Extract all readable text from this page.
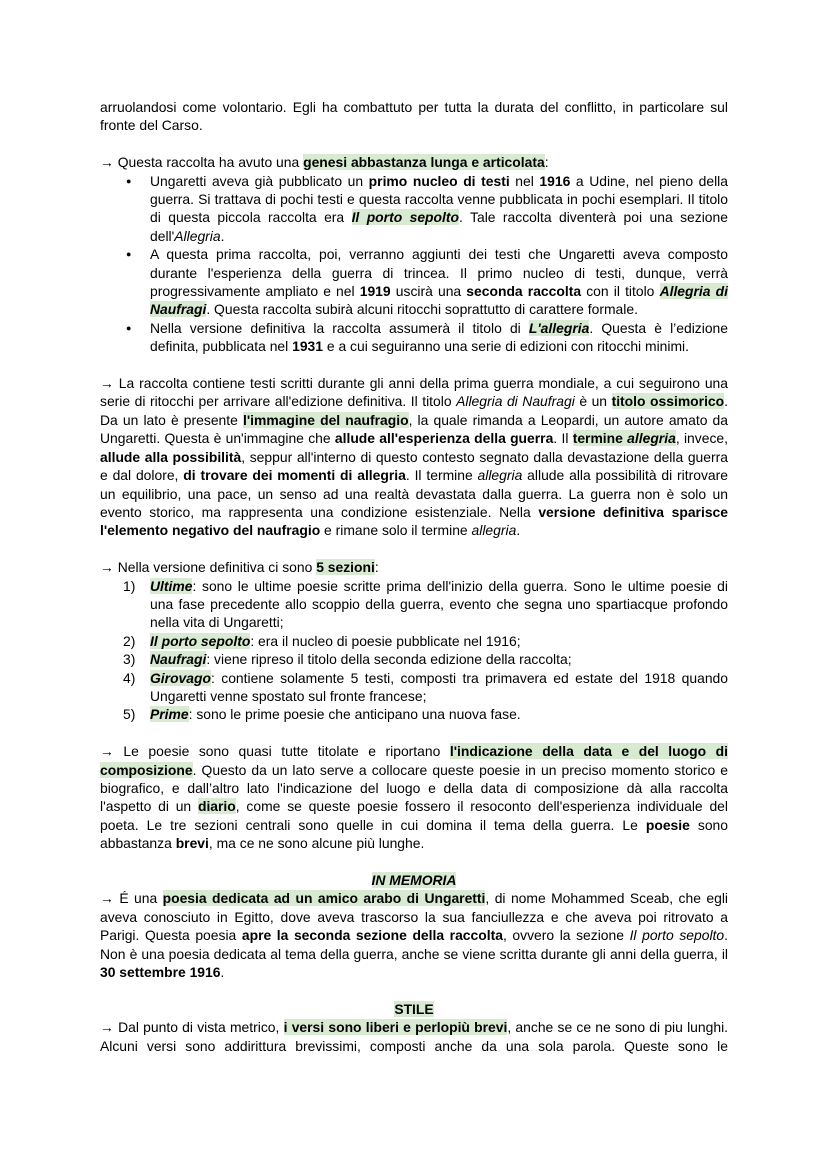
arruolandosi come volontario. Egli ha combattuto per tutta la durata del conflitto, in particolare sul fronte del Carso.
→ Questa raccolta ha avuto una genesi abbastanza lunga e articolata:
● Ungaretti aveva già pubblicato un primo nucleo di testi nel 1916 a Udine, nel pieno della guerra. Si trattava di pochi testi e questa raccolta venne pubblicata in pochi esemplari. Il titolo di questa piccola raccolta era Il porto sepolto. Tale raccolta diventerà poi una sezione dell'Allegria.
● A questa prima raccolta, poi, verranno aggiunti dei testi che Ungaretti aveva composto durante l'esperienza della guerra di trincea. Il primo nucleo di testi, dunque, verrà progressivamente ampliato e nel 1919 uscirà una seconda raccolta con il titolo Allegria di Naufragi. Questa raccolta subirà alcuni ritocchi soprattutto di carattere formale.
● Nella versione definitiva la raccolta assumerà il titolo di L'allegria. Questa è l’edizione definita, pubblicata nel 1931 e a cui seguiranno una serie di edizioni con ritocchi minimi.
→ La raccolta contiene testi scritti durante gli anni della prima guerra mondiale, a cui seguirono una serie di ritocchi per arrivare all'edizione definitiva. Il titolo Allegria di Naufragi è un titolo ossimorico. Da un lato è presente l'immagine del naufragio, la quale rimanda a Leopardi, un autore amato da Ungaretti. Questa è un'immagine che allude all'esperienza della guerra. Il termine allegria, invece, allude alla possibilità, seppur all'interno di questo contesto segnato dalla devastazione della guerra e dal dolore, di trovare dei momenti di allegria. Il termine allegria allude alla possibilità di ritrovare un equilibrio, una pace, un senso ad una realtà devastata dalla guerra. La guerra non è solo un evento storico, ma rappresenta una condizione esistenziale. Nella versione definitiva sparisce l'elemento negativo del naufragio e rimane solo il termine allegria.
→ Nella versione definitiva ci sono 5 sezioni:
1) Ultime: sono le ultime poesie scritte prima dell'inizio della guerra. Sono le ultime poesie di una fase precedente allo scoppio della guerra, evento che segna uno spartiacque profondo nella vita di Ungaretti;
2) Il porto sepolto: era il nucleo di poesie pubblicate nel 1916;
3) Naufragi: viene ripreso il titolo della seconda edizione della raccolta;
4) Girovago: contiene solamente 5 testi, composti tra primavera ed estate del 1918 quando Ungaretti venne spostato sul fronte francese;
5) Prime: sono le prime poesie che anticipano una nuova fase.
→ Le poesie sono quasi tutte titolate e riportano l'indicazione della data e del luogo di composizione. Questo da un lato serve a collocare queste poesie in un preciso momento storico e biografico, e dall’altro lato l'indicazione del luogo e della data di composizione dà alla raccolta l'aspetto di un diario, come se queste poesie fossero il resoconto dell'esperienza individuale del poeta. Le tre sezioni centrali sono quelle in cui domina il tema della guerra. Le poesie sono abbastanza brevi, ma ce ne sono alcune più lunghe.
IN MEMORIA
→ É una poesia dedicata ad un amico arabo di Ungaretti, di nome Mohammed Sceab, che egli aveva conosciuto in Egitto, dove aveva trascorso la sua fanciullezza e che aveva poi ritrovato a Parigi. Questa poesia apre la seconda sezione della raccolta, ovvero la sezione Il porto sepolto. Non è una poesia dedicata al tema della guerra, anche se viene scritta durante gli anni della guerra, il 30 settembre 1916.
STILE
→ Dal punto di vista metrico, i versi sono liberi e perlopiù brevi, anche se ce ne sono di piu lunghi. Alcuni versi sono addirittura brevissimi, composti anche da una sola parola. Queste sono le
